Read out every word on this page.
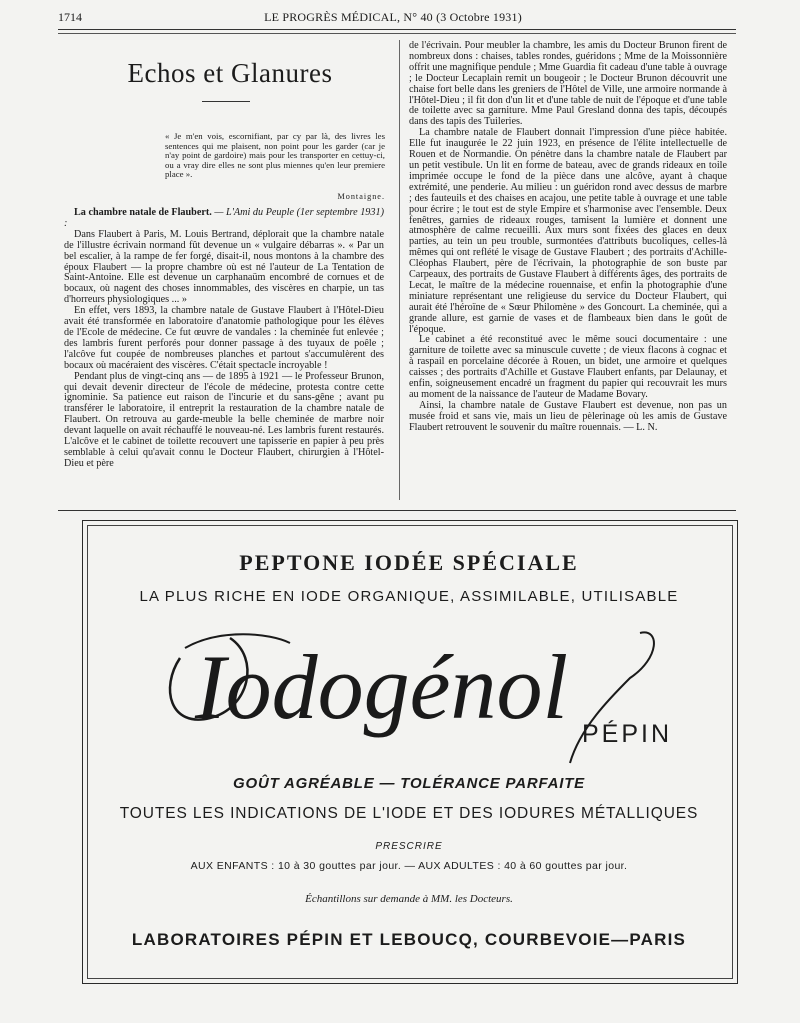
1714	LE PROGRÈS MÉDICAL, N° 40 (3 Octobre 1931)
Echos et Glanures
« Je m'en vois, escornifiant, par cy par là, des livres les sentences qui me plaisent, non point pour les garder (car je n'ay point de gardoire) mais pour les transporter en cettuy-ci, ou a vray dire elles ne sont plus miennes qu'en leur premiere place ».
Montaigne.

La chambre natale de Flaubert. — L'Ami du Peuple (1er septembre 1931) :

Dans Flaubert à Paris, M. Louis Bertrand, déplorait que la chambre natale de l'illustre écrivain normand fût devenue un « vulgaire débarras ». « Par un bel escalier, à la rampe de fer forgé, disait-il, nous montons à la chambre des époux Flaubert — la propre chambre où est né l'auteur de La Tentation de Saint-Antoine. Elle est devenue un carphanaüm encombré de cornues et de bocaux, où nagent des choses innommables, des viscères en charpie, un tas d'horreurs physiologiques ... »

En effet, vers 1893, la chambre natale de Gustave Flaubert à l'Hôtel-Dieu avait été transformée en laboratoire d'anatomie pathologique pour les élèves de l'Ecole de médecine. Ce fut œuvre de vandales : la cheminée fut enlevée ; des lambris furent perforés pour donner passage à des tuyaux de poêle ; l'alcôve fut coupée de nombreuses planches et partout s'accumulèrent des bocaux où macéraient des viscères. C'était spectacle incroyable !

Pendant plus de vingt-cinq ans — de 1895 à 1921 — le Professeur Brunon, qui devait devenir directeur de l'école de médecine, protesta contre cette ignominie. Sa patience eut raison de l'incurie et du sans-gêne ; avant pu transférer le laboratoire, il entreprit la restauration de la chambre natale de Flaubert. On retrouva au garde-meuble la belle cheminée de marbre noir devant laquelle on avait réchauffé le nouveau-né. Les lambris furent restaurés. L'alcôve et le cabinet de toilette recouvert une tapisserie en papier à peu près semblable à celui qu'avait connu le Docteur Flaubert, chirurgien à l'Hôtel-Dieu et père

de l'écrivain. Pour meubler la chambre, les amis du Docteur Brunon firent de nombreux dons : chaises, tables rondes, guéridons ; Mme de la Moissonnière offrit une magnifique pendule ; Mme Guardia fit cadeau d'une table à ouvrage ; le Docteur Lecaplain remit un bougeoir ; le Docteur Brunon découvrit une chaise fort belle dans les greniers de l'Hôtel de Ville, une armoire normande à l'Hôtel-Dieu ; il fit don d'un lit et d'une table de nuit de l'époque et d'une table de toilette avec sa garniture. Mme Paul Gresland donna des tapis, découpés dans des tapis des Tuileries.

La chambre natale de Flaubert donnait l'impression d'une pièce habitée. Elle fut inaugurée le 22 juin 1923, en présence de l'élite intellectuelle de Rouen et de Normandie. On pénètre dans la chambre natale de Flaubert par un petit vestibule. Un lit en forme de bateau, avec de grands rideaux en toile imprimée occupe le fond de la pièce dans une alcôve, ayant à chaque extrémité, une penderie. Au milieu : un guéridon rond avec dessus de marbre ; des fauteuils et des chaises en acajou, une petite table à ouvrage et une table pour écrire ; le tout est de style Empire et s'harmonise avec l'ensemble. Deux fenêtres, garnies de rideaux rouges, tamisent la lumière et donnent une atmosphère de calme recueilli. Aux murs sont fixées des glaces en deux parties, au tein un peu trouble, surmontées d'attributs bucoliques, celles-là mêmes qui ont reflété le visage de Gustave Flaubert ; des portraits d'Achille-Cléophas Flaubert, père de l'écrivain, la photographie de son buste par Carpeaux, des portraits de Gustave Flaubert à différents âges, des portraits de Lecat, le maître de la médecine rouennaise, et enfin la photographie d'une miniature représentant une religieuse du service du Docteur Flaubert, qui aurait été l'héroïne de « Sœur Philomène » des Goncourt. La cheminée, qui a grande allure, est garnie de vases et de flambeaux bien dans le goût de l'époque.

Le cabinet a été reconstitué avec le même souci documentaire : une garniture de toilette avec sa minuscule cuvette ; de vieux flacons à cognac et à raspail en porcelaine décorée à Rouen, un bidet, une armoire et quelques caisses ; des portraits d'Achille et Gustave Flaubert enfants, par Delaunay, et enfin, soigneusement encadré un fragment du papier qui recouvrait les murs au moment de la naissance de l'auteur de Madame Bovary.

Ainsi, la chambre natale de Gustave Flaubert est devenue, non pas un musée froid et sans vie, mais un lieu de pèlerinage où les amis de Gustave Flaubert retrouvent le souvenir du maître rouennais. — L. N.

PEPTONE IODÉE SPÉCIALE
LA PLUS RICHE EN IODE ORGANIQUE, ASSIMILABLE, UTILISABLE
Iodogénol PÉPIN
GOÛT AGRÉABLE — TOLÉRANCE PARFAITE
TOUTES LES INDICATIONS DE L'IODE ET DES IODURES MÉTALLIQUES
PRESCRIRE
AUX ENFANTS : 10 à 30 gouttes par jour. — AUX ADULTES : 40 à 60 gouttes par jour.
Échantillons sur demande à MM. les Docteurs.
LABORATOIRES PÉPIN ET LEBOUCQ, COURBEVOIE—PARIS
